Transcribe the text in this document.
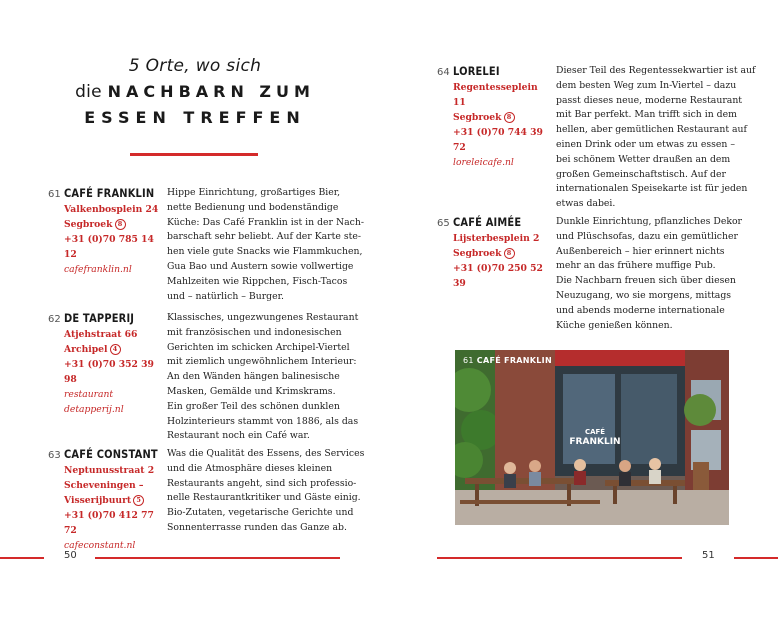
5 Orte, wo sich
die NACHBARN ZUM
ESSEN TREFFEN
61 CAFÉ FRANKLIN
Valkenbosplein 24
Segbroek 8
+31 (0)70 785 14 12
cafefranklin.nl
Hippe Einrichtung, großartiges Bier,
nette Bedienung und bodenständige
Küche: Das Café Franklin ist in der Nach-
barschaft sehr beliebt. Auf der Karte ste-
hen viele gute Snacks wie Flammkuchen,
Gua Bao und Austern sowie vollwertige
Mahlzeiten wie Rippchen, Fisch-Tacos
und – natürlich – Burger.
62 DE TAPPERIJ
Atjehstraat 66
Archipel 4
+31 (0)70 352 39 98
restaurant
detapperij.nl
Klassisches, ungezwungenes Restaurant
mit französischen und indonesischen
Gerichten im schicken Archipel-Viertel
mit ziemlich ungewöhnlichem Interieur:
An den Wänden hängen balinesische
Masken, Gemälde und Krimskrams.
Ein großer Teil des schönen dunklen
Holzinterieurs stammt von 1886, als das
Restaurant noch ein Café war.
63 CAFÉ CONSTANT
Neptunusstraat 2
Scheveningen –
Visserijbuurt 5
+31 (0)70 412 77 72
cafeconstant.nl
Was die Qualität des Essens, des Services
und die Atmosphäre dieses kleinen
Restaurants angeht, sind sich professio-
nelle Restaurantkritiker und Gäste einig.
Bio-Zutaten, vegetarische Gerichte und
Sonnenterrasse runden das Ganze ab.
64 LORELEI
Regentesseplein 11
Segbroek 8
+31 (0)70 744 39 72
loreleicafe.nl
Dieser Teil des Regentessekwartier ist auf
dem besten Weg zum In-Viertel – dazu
passt dieses neue, moderne Restaurant
mit Bar perfekt. Man trifft sich in dem
hellen, aber gemütlichen Restaurant auf
einen Drink oder um etwas zu essen –
bei schönem Wetter draußen an dem
großen Gemeinschaftstisch. Auf der
internationalen Speisekarte ist für jeden
etwas dabei.
65 CAFÉ AIMÉE
Lijsterbesplein 2
Segbroek 8
+31 (0)70 250 52 39
Dunkle Einrichtung, pflanzliches Dekor
und Plüschsofas, dazu ein gemütlicher
Außenbereich – hier erinnert nichts
mehr an das frühere muffige Pub.
Die Nachbarn freuen sich über diesen
Neuzugang, wo sie morgens, mittags
und abends moderne internationale
Küche genießen können.
CAFÉ
FRANKLIN
61 CAFÉ FRANKLIN
50	51
